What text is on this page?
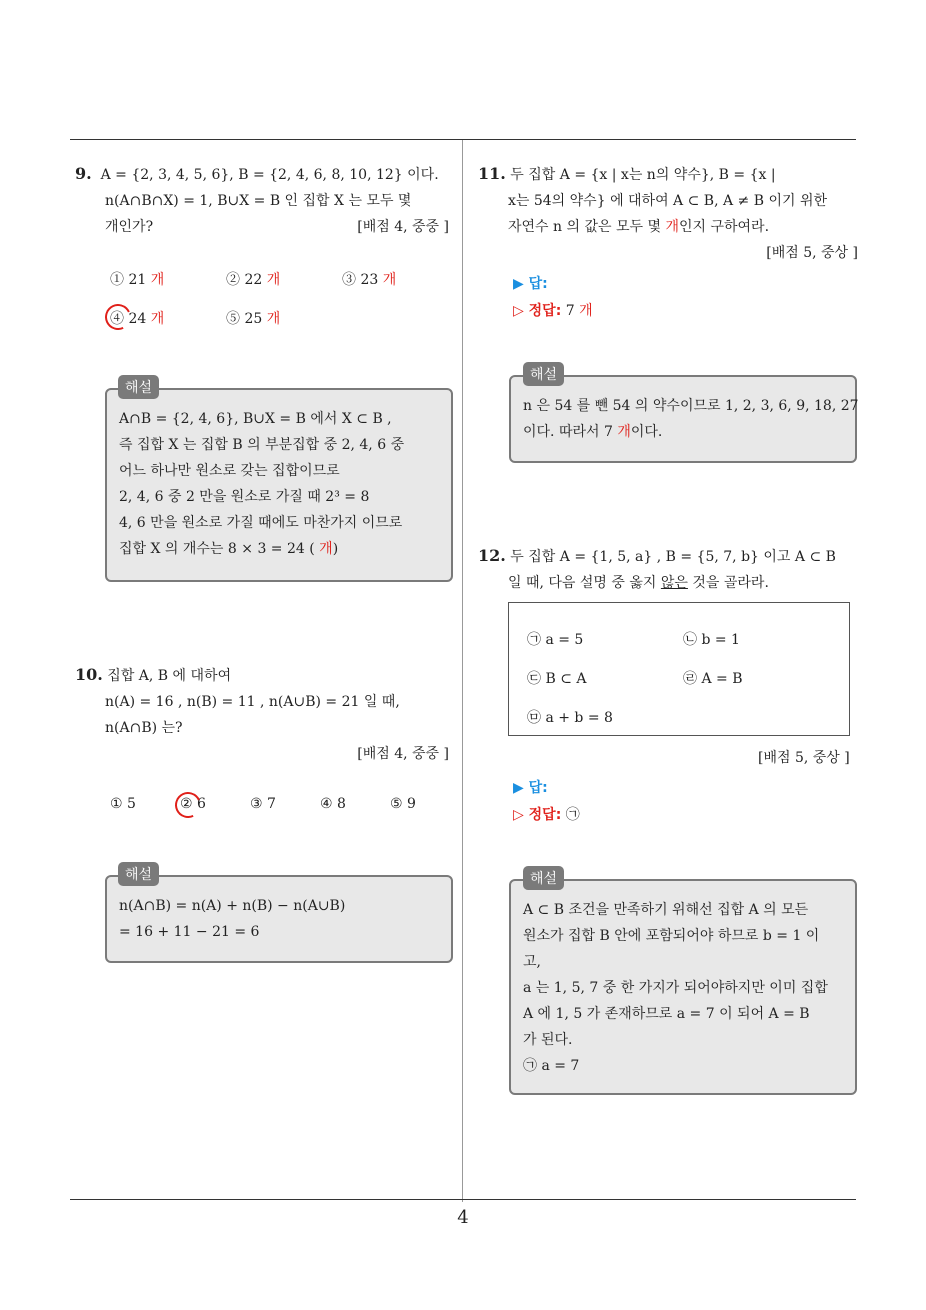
9. A = {2, 3, 4, 5, 6}, B = {2, 4, 6, 8, 10, 12} 이다.
n(A∩B∩X) = 1, B∪X = B 인 집합 X 는 모두 몇
개인가?	[배점 4, 중중 ]
① 21 개	② 22 개	③ 23 개
④ 24 개	⑤ 25 개
A∩B = {2, 4, 6}, B∪X = B 에서 X ⊂ B ,
즉 집합 X 는 집합 B 의 부분집합 중 2, 4, 6 중
어느 하나만 원소로 갖는 집합이므로
2, 4, 6 중 2 만을 원소로 가질 때 2³ = 8
4, 6 만을 원소로 가질 때에도 마찬가지 이므로
집합 X 의 개수는 8 × 3 = 24 ( 개)
해설
10. 집합 A, B 에 대하여
n(A) = 16 , n(B) = 11 , n(A∪B) = 21 일 때,
n(A∩B) 는?
[배점 4, 중중 ]
① 5	② 6	③ 7	④ 8	⑤ 9
n(A∩B) = n(A) + n(B) − n(A∪B)
= 16 + 11 − 21 = 6
해설
11. 두 집합 A = {x | x는 n의 약수}, B = {x |
x는 54의 약수} 에 대하여 A ⊂ B, A ≠ B 이기 위한
자연수 n 의 값은 모두 몇 개인지 구하여라.
[배점 5, 중상 ]
▶ 답:
▷ 정답: 7 개
n 은 54 를 뺀 54 의 약수이므로 1, 2, 3, 6, 9, 18, 27
이다. 따라서 7 개이다.
해설
12. 두 집합 A = {1, 5, a} , B = {5, 7, b} 이고 A ⊂ B
일 때, 다음 설명 중 옳지 않은 것을 골라라.
㉠ a = 5	㉡ b = 1
㉢ B ⊂ A	㉣ A = B
㉤ a + b = 8
[배점 5, 중상 ]
▶ 답:
▷ 정답: ㉠
A ⊂ B 조건을 만족하기 위해선 집합 A 의 모든
원소가 집합 B 안에 포함되어야 하므로 b = 1 이
고,
a 는 1, 5, 7 중 한 가지가 되어야하지만 이미 집합
A 에 1, 5 가 존재하므로 a = 7 이 되어 A = B
가 된다.
㉠ a = 7
해설
4
